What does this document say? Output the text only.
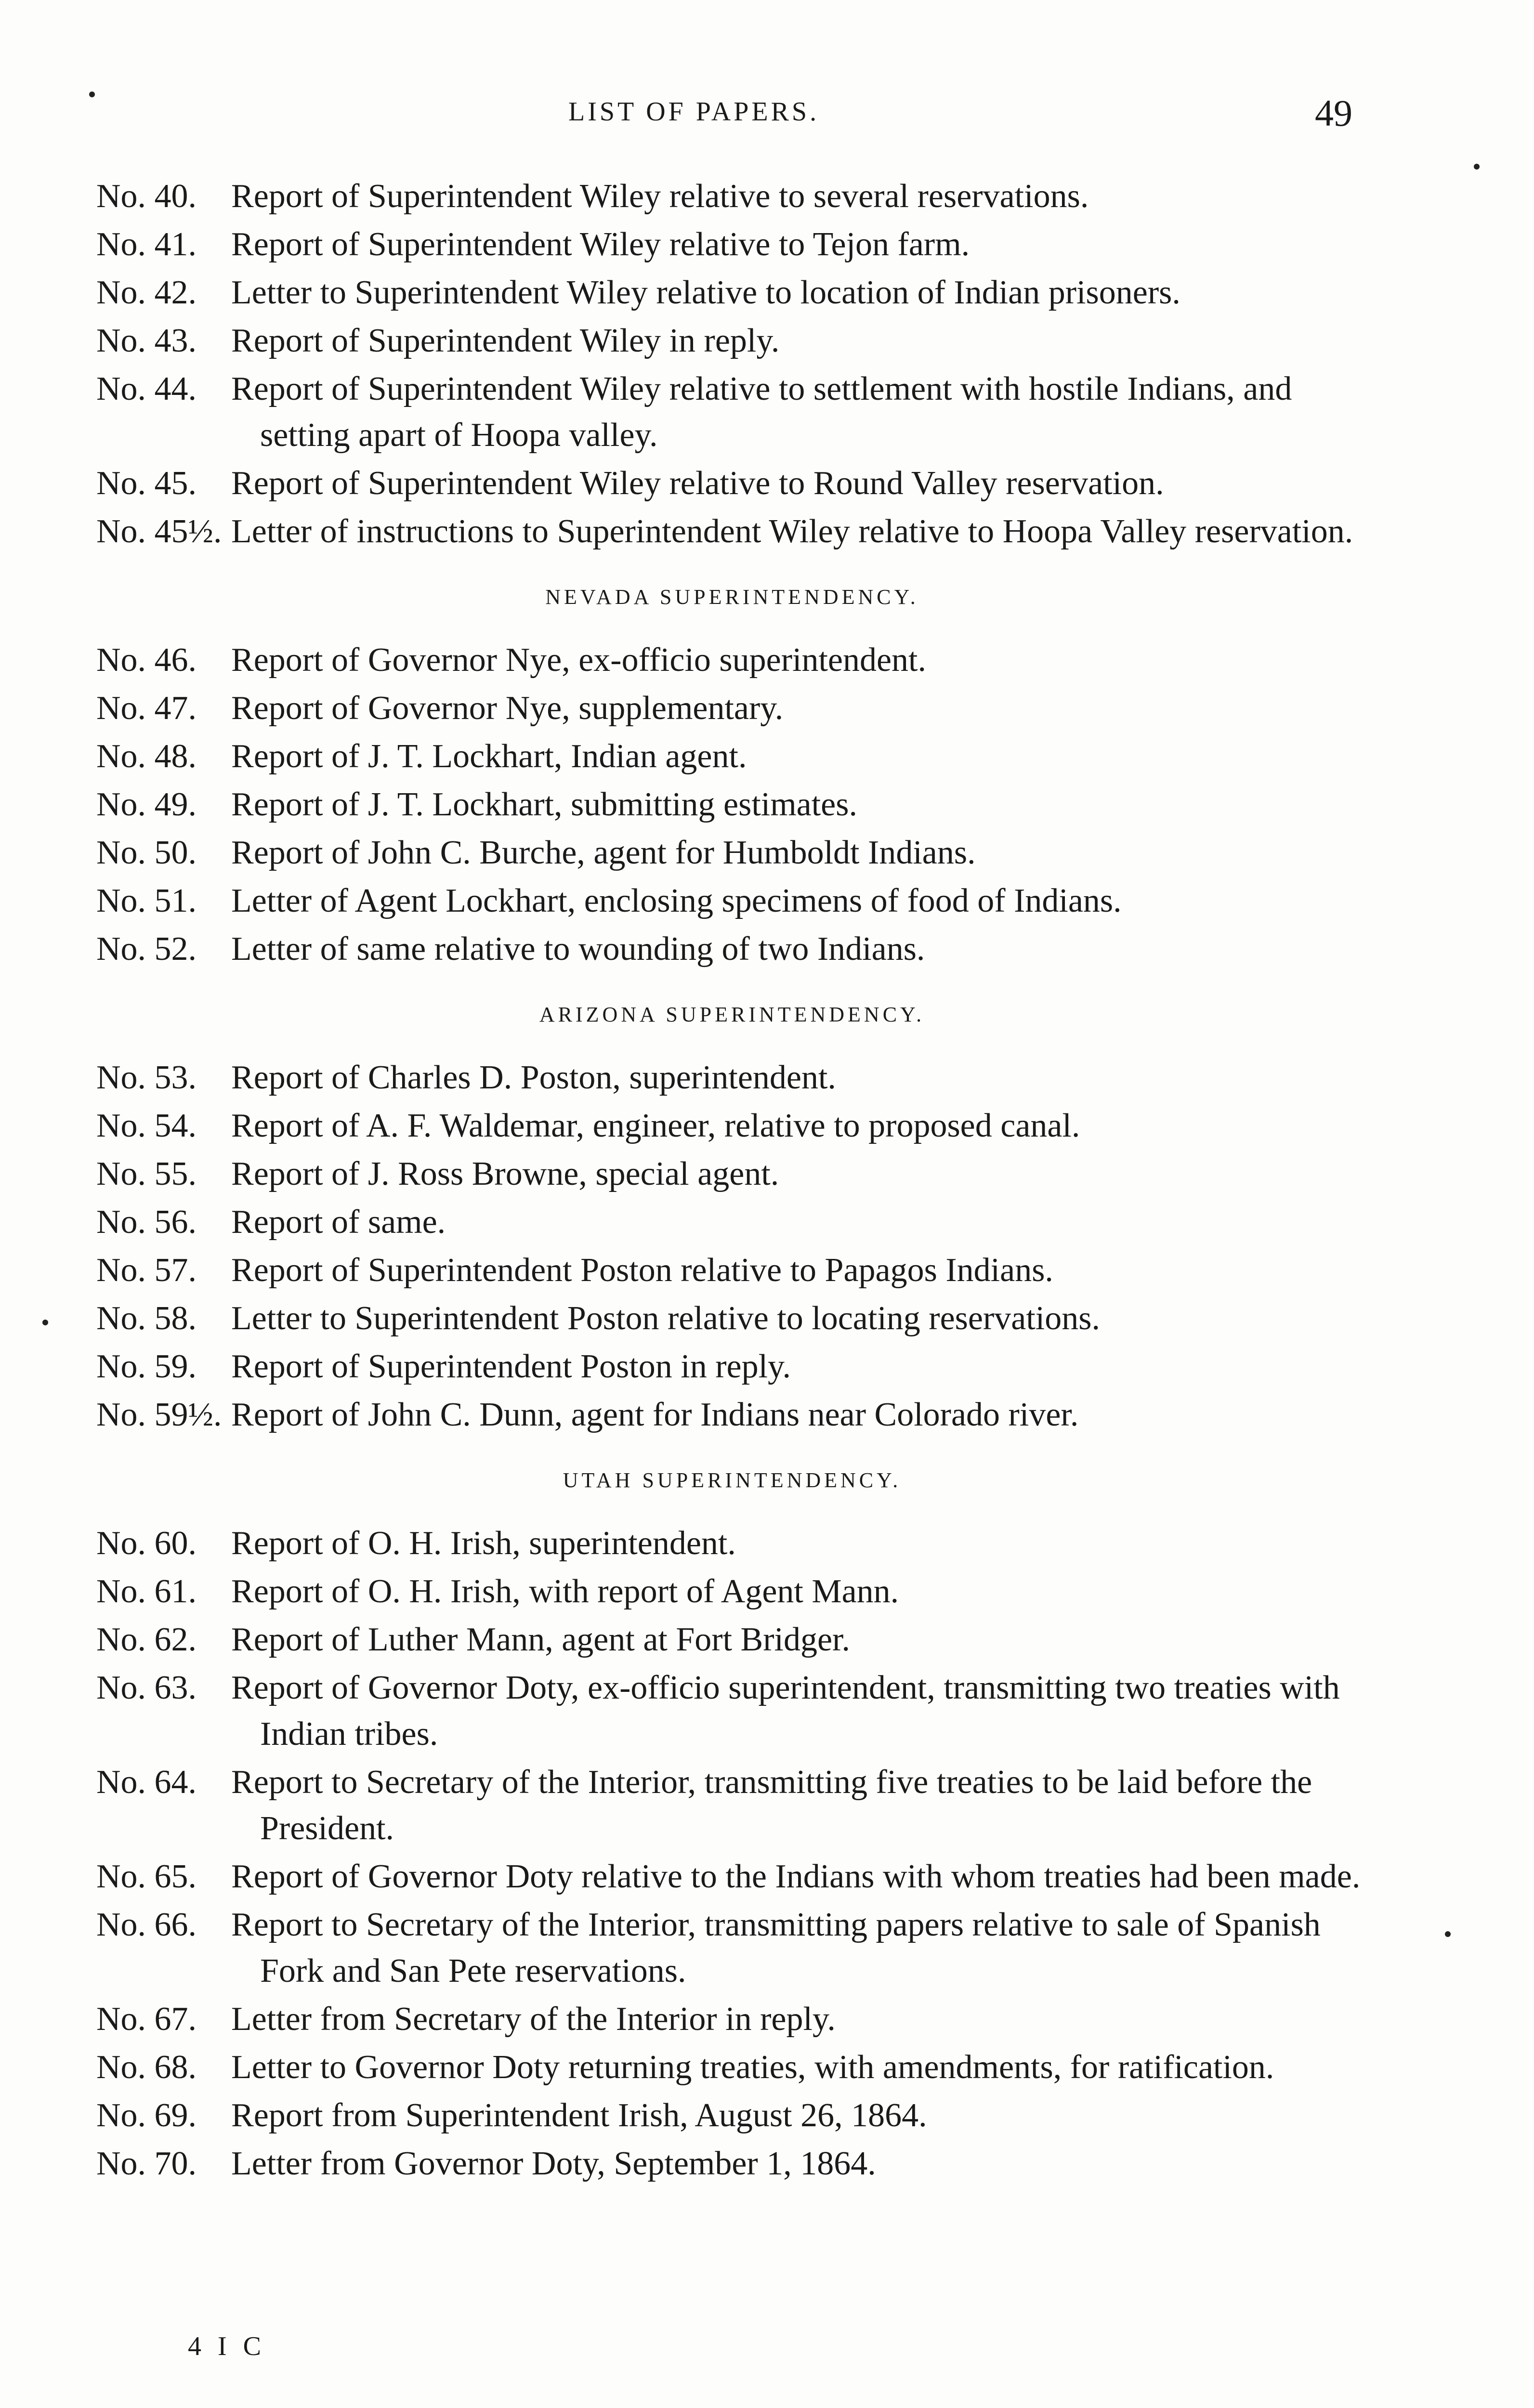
LIST OF PAPERS.	49
No. 40. Report of Superintendent Wiley relative to several reservations.
No. 41. Report of Superintendent Wiley relative to Tejon farm.
No. 42. Letter to Superintendent Wiley relative to location of Indian prisoners.
No. 43. Report of Superintendent Wiley in reply.
No. 44. Report of Superintendent Wiley relative to settlement with hostile Indians, and setting apart of Hoopa valley.
No. 45. Report of Superintendent Wiley relative to Round Valley reservation.
No. 45½. Letter of instructions to Superintendent Wiley relative to Hoopa Valley reservation.
NEVADA SUPERINTENDENCY.
No. 46. Report of Governor Nye, ex-officio superintendent.
No. 47. Report of Governor Nye, supplementary.
No. 48. Report of J. T. Lockhart, Indian agent.
No. 49. Report of J. T. Lockhart, submitting estimates.
No. 50. Report of John C. Burche, agent for Humboldt Indians.
No. 51. Letter of Agent Lockhart, enclosing specimens of food of Indians.
No. 52. Letter of same relative to wounding of two Indians.
ARIZONA SUPERINTENDENCY.
No. 53. Report of Charles D. Poston, superintendent.
No. 54. Report of A. F. Waldemar, engineer, relative to proposed canal.
No. 55. Report of J. Ross Browne, special agent.
No. 56. Report of same.
No. 57. Report of Superintendent Poston relative to Papagos Indians.
No. 58. Letter to Superintendent Poston relative to locating reservations.
No. 59. Report of Superintendent Poston in reply.
No. 59½. Report of John C. Dunn, agent for Indians near Colorado river.
UTAH SUPERINTENDENCY.
No. 60. Report of O. H. Irish, superintendent.
No. 61. Report of O. H. Irish, with report of Agent Mann.
No. 62. Report of Luther Mann, agent at Fort Bridger.
No. 63. Report of Governor Doty, ex-officio superintendent, transmitting two treaties with Indian tribes.
No. 64. Report to Secretary of the Interior, transmitting five treaties to be laid before the President.
No. 65. Report of Governor Doty relative to the Indians with whom treaties had been made.
No. 66. Report to Secretary of the Interior, transmitting papers relative to sale of Spanish Fork and San Pete reservations.
No. 67. Letter from Secretary of the Interior in reply.
No. 68. Letter to Governor Doty returning treaties, with amendments, for ratification.
No. 69. Report from Superintendent Irish, August 26, 1864.
No. 70. Letter from Governor Doty, September 1, 1864.
4 I C
